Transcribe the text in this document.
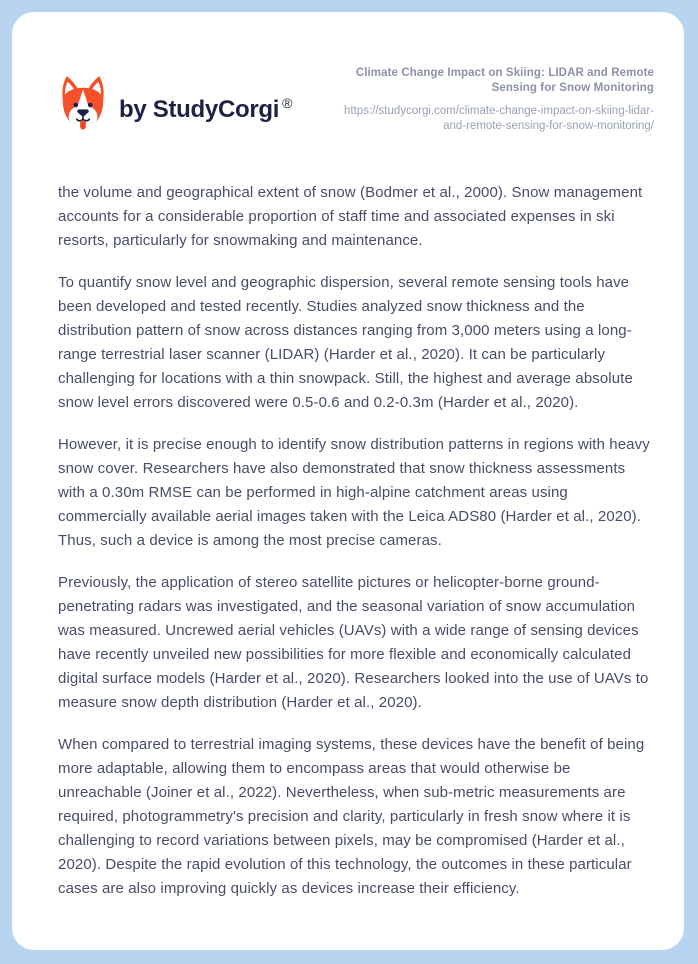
by StudyCorgi ®

Climate Change Impact on Skiing: LIDAR and Remote Sensing for Snow Monitoring

https://studycorgi.com/climate-change-impact-on-skiing-lidar-and-remote-sensing-for-snow-monitoring/

the volume and geographical extent of snow (Bodmer et al., 2000). Snow management accounts for a considerable proportion of staff time and associated expenses in ski resorts, particularly for snowmaking and maintenance.

To quantify snow level and geographic dispersion, several remote sensing tools have been developed and tested recently. Studies analyzed snow thickness and the distribution pattern of snow across distances ranging from 3,000 meters using a long-range terrestrial laser scanner (LIDAR) (Harder et al., 2020). It can be particularly challenging for locations with a thin snowpack. Still, the highest and average absolute snow level errors discovered were 0.5-0.6 and 0.2-0.3m (Harder et al., 2020).

However, it is precise enough to identify snow distribution patterns in regions with heavy snow cover. Researchers have also demonstrated that snow thickness assessments with a 0.30m RMSE can be performed in high-alpine catchment areas using commercially available aerial images taken with the Leica ADS80 (Harder et al., 2020). Thus, such a device is among the most precise cameras.

Previously, the application of stereo satellite pictures or helicopter-borne ground-penetrating radars was investigated, and the seasonal variation of snow accumulation was measured. Uncrewed aerial vehicles (UAVs) with a wide range of sensing devices have recently unveiled new possibilities for more flexible and economically calculated digital surface models (Harder et al., 2020). Researchers looked into the use of UAVs to measure snow depth distribution (Harder et al., 2020).

When compared to terrestrial imaging systems, these devices have the benefit of being more adaptable, allowing them to encompass areas that would otherwise be unreachable (Joiner et al., 2022). Nevertheless, when sub-metric measurements are required, photogrammetry's precision and clarity, particularly in fresh snow where it is challenging to record variations between pixels, may be compromised (Harder et al., 2020). Despite the rapid evolution of this technology, the outcomes in these particular cases are also improving quickly as devices increase their efficiency.
